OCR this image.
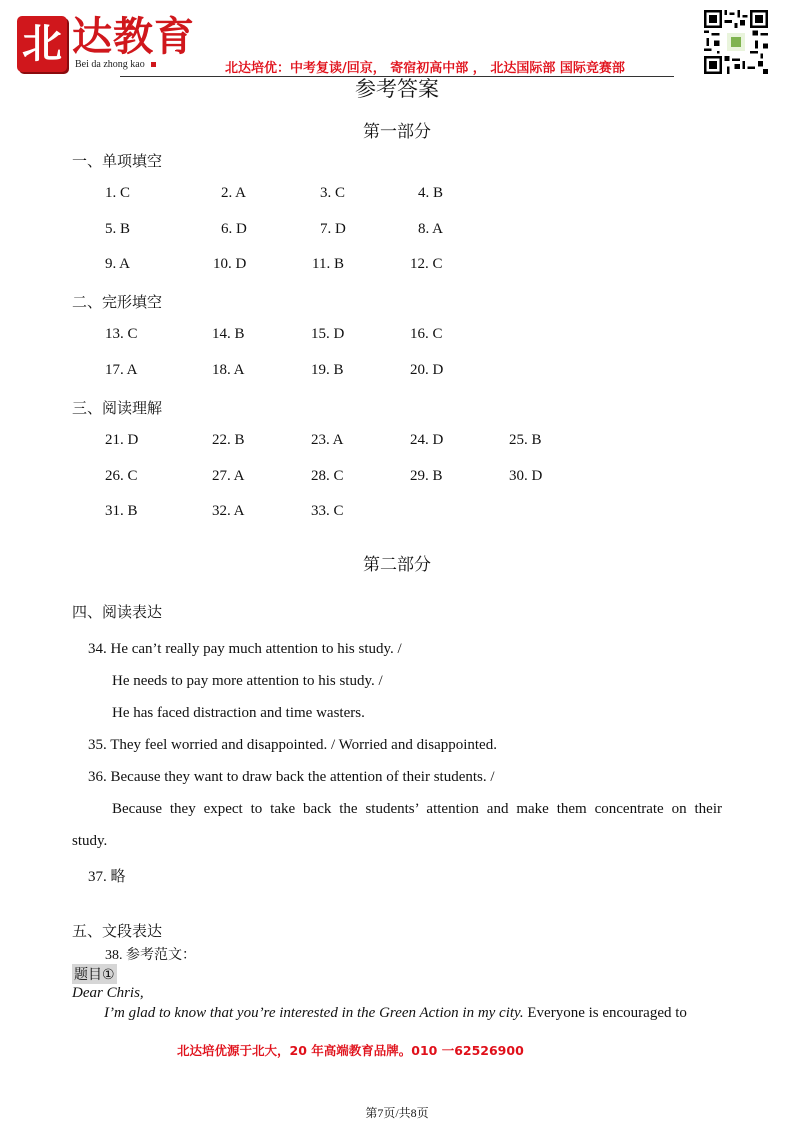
北 达教育
Bei da zhong kao	北达培优：中考复读/回京， 寄宿初高中部 ， 北达国际部 国际竞赛部
参考答案
第一部分
一、单项填空
1. C	2. A	3. C	4. B
5. B	6. D	7. D	8. A
9. A	10. D	11. B	12. C
二、完形填空
13. C	14. B	15. D	16. C
17. A	18. A	19. B	20. D
三、阅读理解
21. D	22. B	23. A	24. D	25. B
26. C	27. A	28. C	29. B	30. D
31. B	32. A	33. C
第二部分
四、阅读表达
34. He can’t really pay much attention to his study. /
He needs to pay more attention to his study. /
He has faced distraction and time wasters.
35. They feel worried and disappointed. / Worried and disappointed.
36. Because they want to draw back the attention of their students. /
Because they expect to take back the students’ attention and make them concentrate on their
study.
37. 略
五、文段表达
38. 参考范文：
题目①
Dear Chris,
I’m glad to know that you’re interested in the Green Action in my city. Everyone is encouraged to
北达培优源于北大，20 年高端教育品牌。010 一62526900
第7页/共8页
